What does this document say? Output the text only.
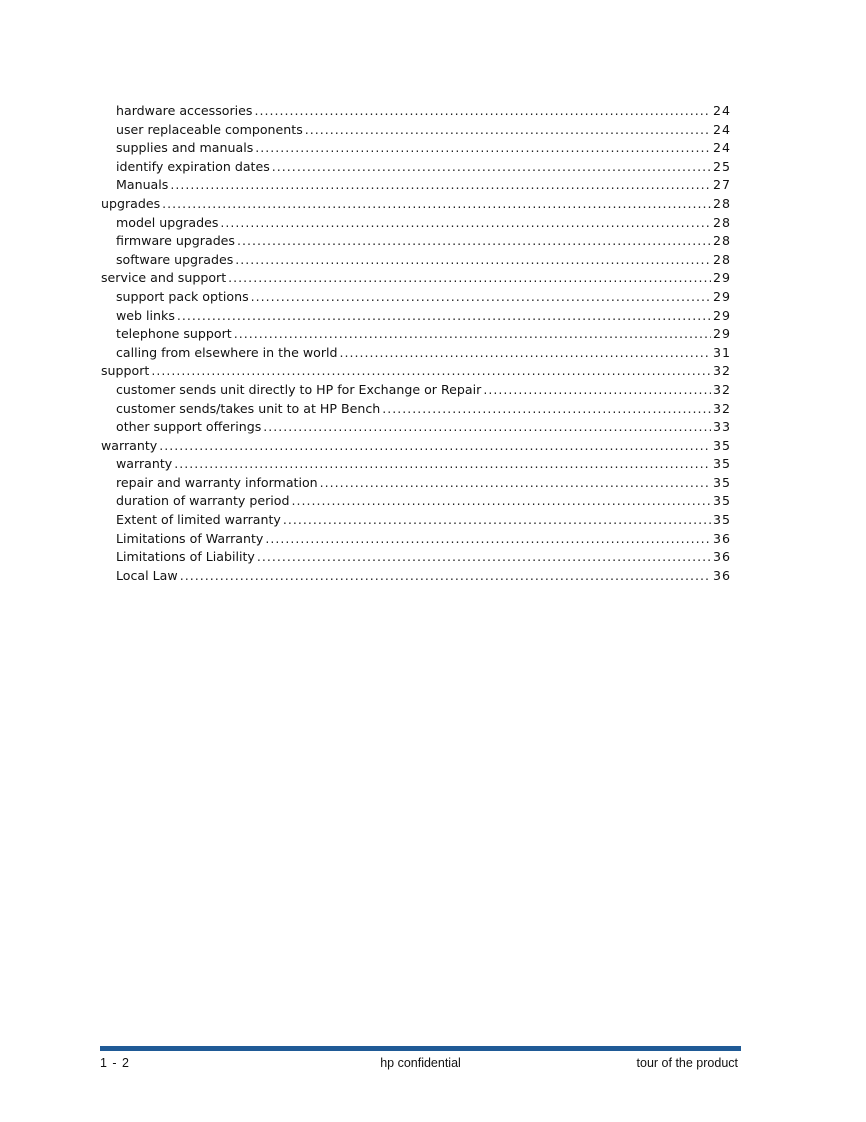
hardware accessories .....	24
user replaceable components .....	24
supplies and manuals .....	24
identify expiration dates .....	25
Manuals .....	27
upgrades .....	28
model upgrades .....	28
firmware upgrades .....	28
software upgrades .....	28
service and support .....	29
support pack options .....	29
web links .....	29
telephone support .....	29
calling from elsewhere in the world .....	31
support .....	32
customer sends unit directly to HP for Exchange or Repair .....	32
customer sends/takes unit to at HP Bench .....	32
other support offerings .....	33
warranty .....	35
warranty .....	35
repair and warranty information .....	35
duration of warranty period .....	35
Extent of limited warranty .....	35
Limitations of Warranty .....	36
Limitations of Liability .....	36
Local Law .....	36
1 - 2	hp confidential	tour of the product
